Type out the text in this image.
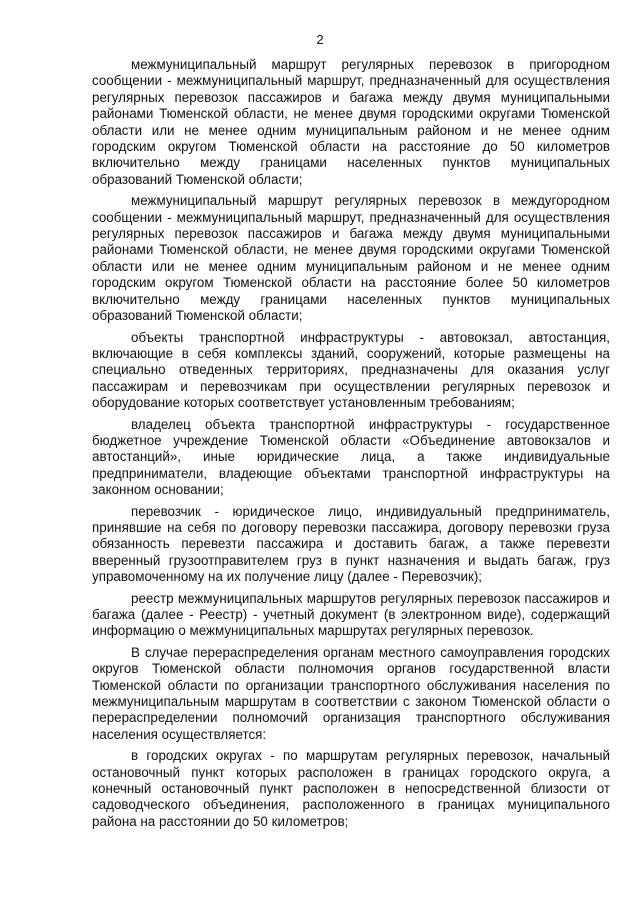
2

межмуниципальный маршрут регулярных перевозок в пригородном сообщении - межмуниципальный маршрут, предназначенный для осуществления регулярных перевозок пассажиров и багажа между двумя муниципальными районами Тюменской области, не менее двумя городскими округами Тюменской области или не менее одним муниципальным районом и не менее одним городским округом Тюменской области на расстояние до 50 километров включительно между границами населенных пунктов муниципальных образований Тюменской области;

межмуниципальный маршрут регулярных перевозок в междугородном сообщении - межмуниципальный маршрут, предназначенный для осуществления регулярных перевозок пассажиров и багажа между двумя муниципальными районами Тюменской области, не менее двумя городскими округами Тюменской области или не менее одним муниципальным районом и не менее одним городским округом Тюменской области на расстояние более 50 километров включительно между границами населенных пунктов муниципальных образований Тюменской области;

объекты транспортной инфраструктуры - автовокзал, автостанция, включающие в себя комплексы зданий, сооружений, которые размещены на специально отведенных территориях, предназначены для оказания услуг пассажирам и перевозчикам при осуществлении регулярных перевозок и оборудование которых соответствует установленным требованиям;

владелец объекта транспортной инфраструктуры - государственное бюджетное учреждение Тюменской области «Объединение автовокзалов и автостанций», иные юридические лица, а также индивидуальные предприниматели, владеющие объектами транспортной инфраструктуры на законном основании;

перевозчик - юридическое лицо, индивидуальный предприниматель, принявшие на себя по договору перевозки пассажира, договору перевозки груза обязанность перевезти пассажира и доставить багаж, а также перевезти вверенный грузоотправителем груз в пункт назначения и выдать багаж, груз управомоченному на их получение лицу (далее - Перевозчик);

реестр межмуниципальных маршрутов регулярных перевозок пассажиров и багажа (далее - Реестр) - учетный документ (в электронном виде), содержащий информацию о межмуниципальных маршрутах регулярных перевозок.

В случае перераспределения органам местного самоуправления городских округов Тюменской области полномочия органов государственной власти Тюменской области по организации транспортного обслуживания населения по межмуниципальным маршрутам в соответствии с законом Тюменской области о перераспределении полномочий организация транспортного обслуживания населения осуществляется:

в городских округах - по маршрутам регулярных перевозок, начальный остановочный пункт которых расположен в границах городского округа, а конечный остановочный пункт расположен в непосредственной близости от садоводческого объединения, расположенного в границах муниципального района на расстоянии до 50 километров;
